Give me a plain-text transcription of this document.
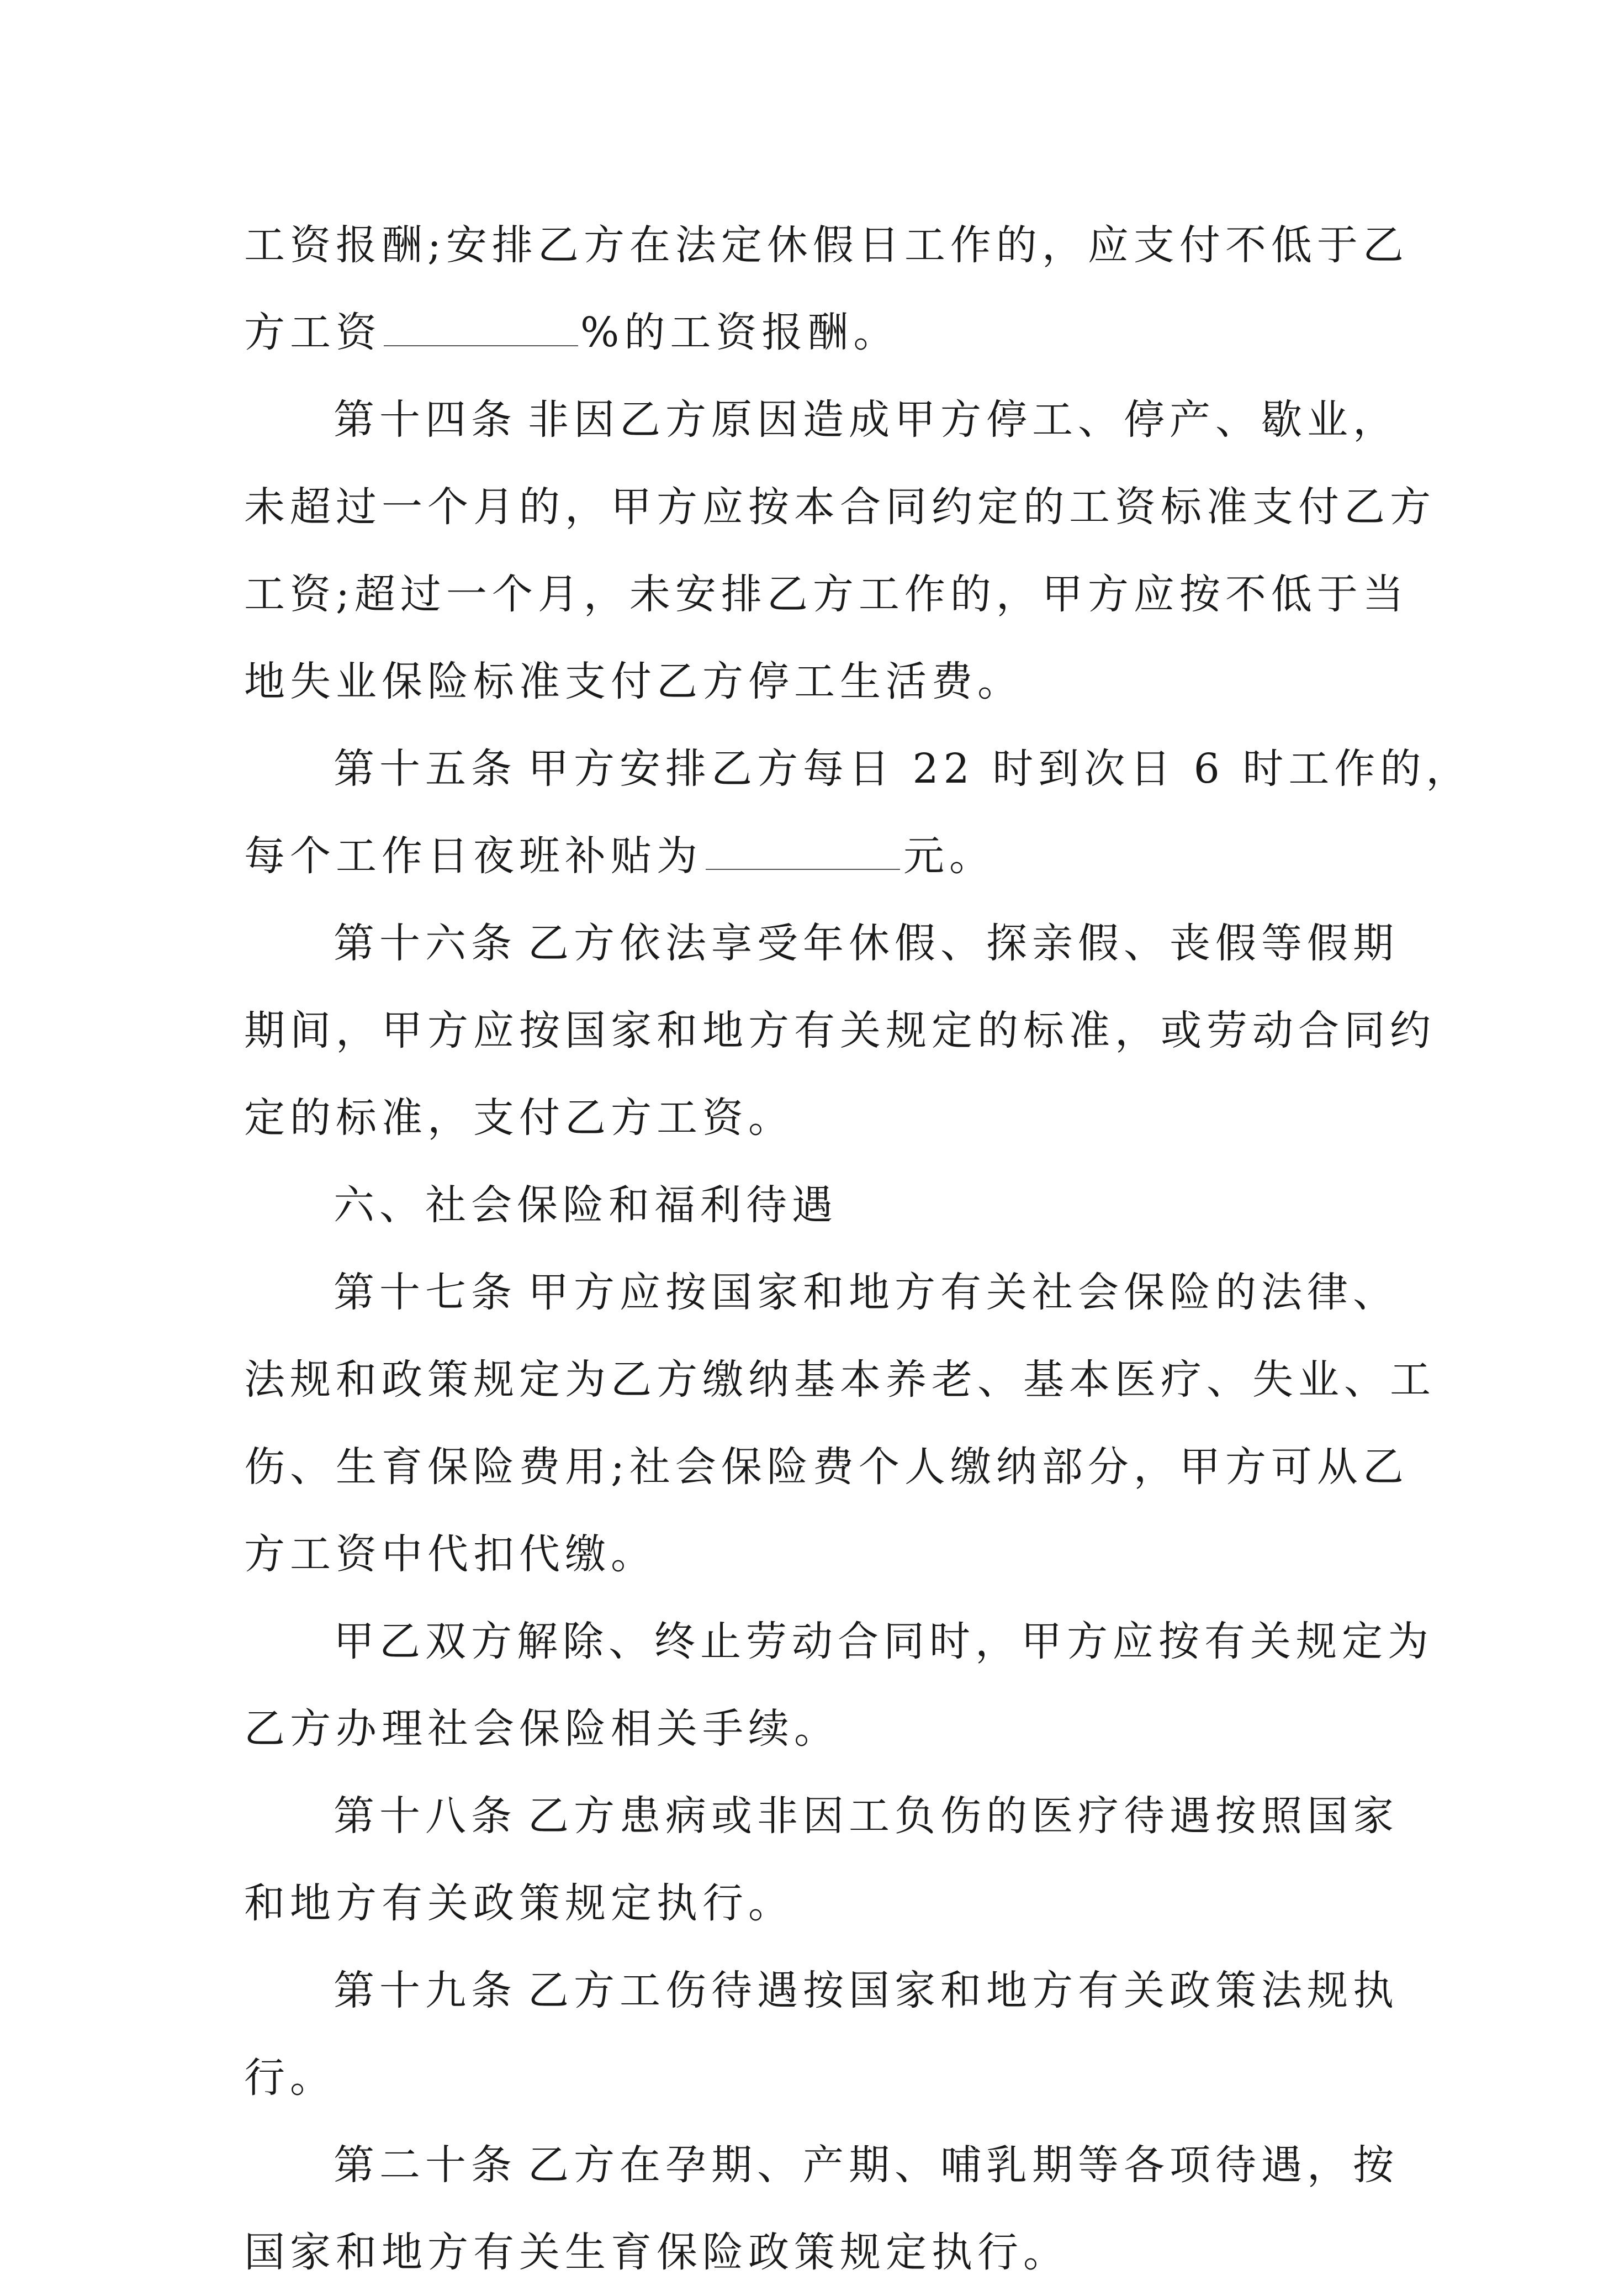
工资报酬;安排乙方在法定休假日工作的，应支付不低于乙
方工资	%的工资报酬。
第十四条 非因乙方原因造成甲方停工、停产、歇业，
未超过一个月的，甲方应按本合同约定的工资标准支付乙方
工资;超过一个月，未安排乙方工作的，甲方应按不低于当
地失业保险标准支付乙方停工生活费。
第十五条 甲方安排乙方每日 22 时到次日 6 时工作的，
每个工作日夜班补贴为	元。
第十六条 乙方依法享受年休假、探亲假、丧假等假期
期间，甲方应按国家和地方有关规定的标准，或劳动合同约
定的标准，支付乙方工资。
六、社会保险和福利待遇
第十七条 甲方应按国家和地方有关社会保险的法律、
法规和政策规定为乙方缴纳基本养老、基本医疗、失业、工
伤、生育保险费用;社会保险费个人缴纳部分，甲方可从乙
方工资中代扣代缴。
甲乙双方解除、终止劳动合同时，甲方应按有关规定为
乙方办理社会保险相关手续。
第十八条 乙方患病或非因工负伤的医疗待遇按照国家
和地方有关政策规定执行。
第十九条 乙方工伤待遇按国家和地方有关政策法规执
行。
第二十条 乙方在孕期、产期、哺乳期等各项待遇，按
国家和地方有关生育保险政策规定执行。
